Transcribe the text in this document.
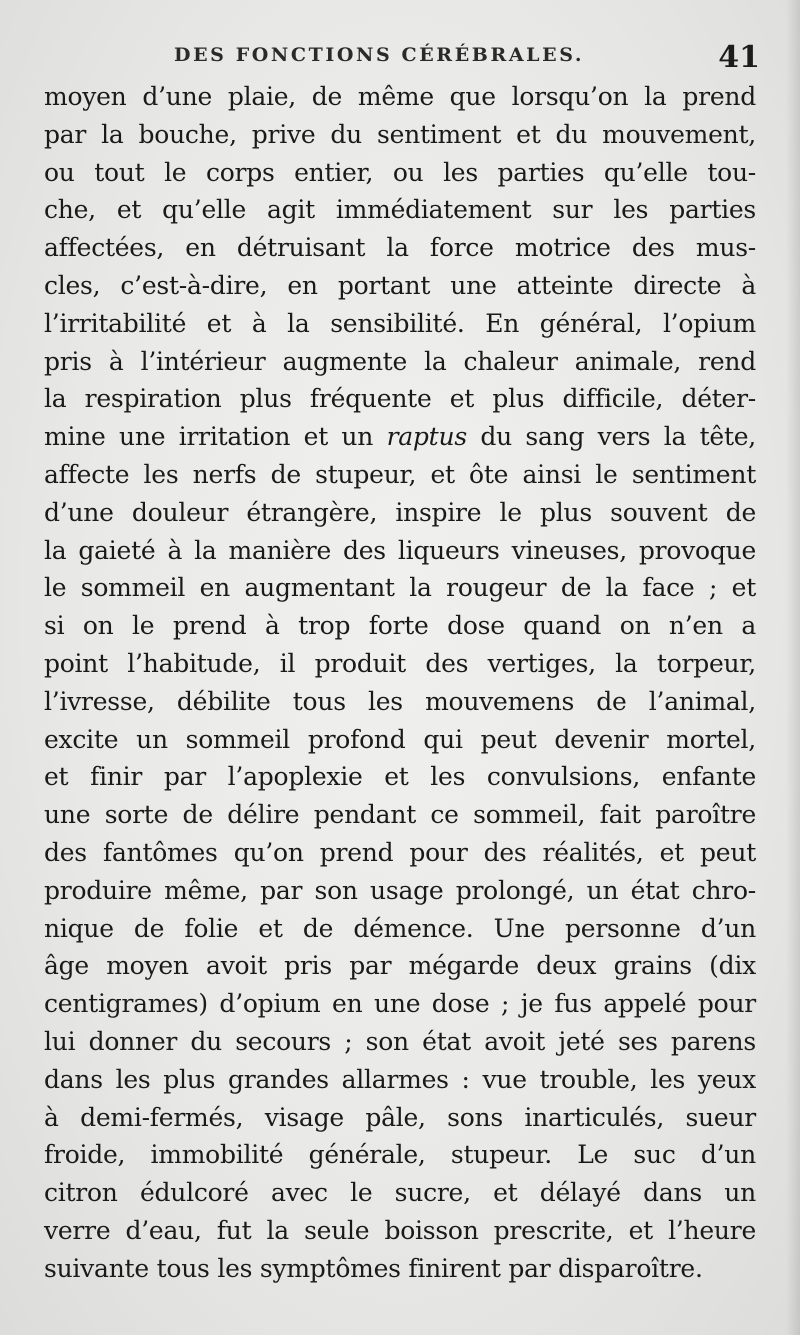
DES FONCTIONS CÉRÉBRALES.	41
moyen d’une plaie, de même que lorsqu’on la prend
par la bouche, prive du sentiment et du mouvement,
ou tout le corps entier, ou les parties qu’elle tou-
che, et qu’elle agit immédiatement sur les parties
affectées, en détruisant la force motrice des mus-
cles, c’est-à-dire, en portant une atteinte directe à
l’irritabilité et à la sensibilité. En général, l’opium
pris à l’intérieur augmente la chaleur animale, rend
la respiration plus fréquente et plus difficile, déter-
mine une irritation et un raptus du sang vers la tête,
affecte les nerfs de stupeur, et ôte ainsi le sentiment
d’une douleur étrangère, inspire le plus souvent de
la gaieté à la manière des liqueurs vineuses, provoque
le sommeil en augmentant la rougeur de la face ; et
si on le prend à trop forte dose quand on n’en a
point l’habitude, il produit des vertiges, la torpeur,
l’ivresse, débilite tous les mouvemens de l’animal,
excite un sommeil profond qui peut devenir mortel,
et finir par l’apoplexie et les convulsions, enfante
une sorte de délire pendant ce sommeil, fait paroître
des fantômes qu’on prend pour des réalités, et peut
produire même, par son usage prolongé, un état chro-
nique de folie et de démence. Une personne d’un
âge moyen avoit pris par mégarde deux grains (dix
centigrames) d’opium en une dose ; je fus appelé pour
lui donner du secours ; son état avoit jeté ses parens
dans les plus grandes allarmes : vue trouble, les yeux
à demi-fermés, visage pâle, sons inarticulés, sueur
froide, immobilité générale, stupeur. Le suc d’un
citron édulcoré avec le sucre, et délayé dans un
verre d’eau, fut la seule boisson prescrite, et l’heure
suivante tous les symptômes finirent par disparoître.
